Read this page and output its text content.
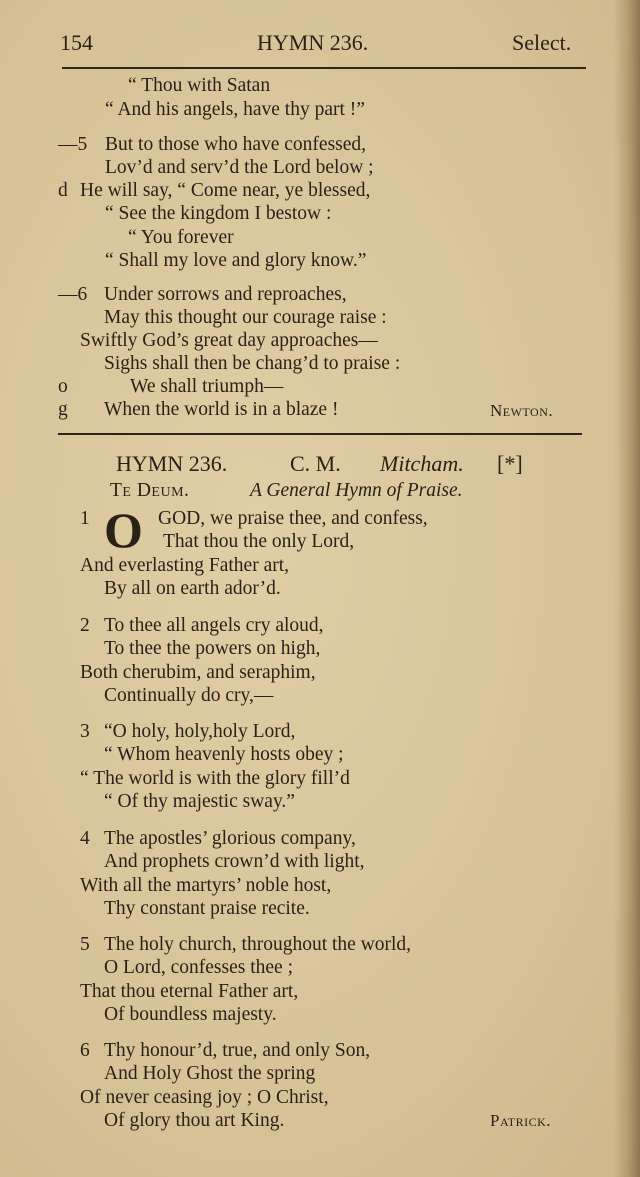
154	HYMN 236.	Select.
“ Thou with Satan
“ And his angels, have thy part !”
—5 But to those who have confessed,
Lov’d and serv’d the Lord below ;
d He will say, “ Come near, ye blessed,
“ See the kingdom I bestow :
“ You forever
“ Shall my love and glory know.”
—6 Under sorrows and reproaches,
May this thought our courage raise :
Swiftly God’s great day approaches—
Sighs shall then be chang’d to praise :
o	We shall triumph—
g When the world is in a blaze !	Newton.
HYMN 236.	C. M. Mitcham. [*]
Te Deum.	A General Hymn of Praise.
1 O GOD, we praise thee, and confess,
That thou the only Lord,
And everlasting Father art,
By all on earth ador’d.
2 To thee all angels cry aloud,
To thee the powers on high,
Both cherubim, and seraphim,
Continually do cry,—
3 “O holy, holy,holy Lord,
“ Whom heavenly hosts obey ;
“ The world is with the glory fill’d
“ Of thy majestic sway.”
4 The apostles’ glorious company,
And prophets crown’d with light,
With all the martyrs’ noble host,
Thy constant praise recite.
5 The holy church, throughout the world,
O Lord, confesses thee ;
That thou eternal Father art,
Of boundless majesty.
6 Thy honour’d, true, and only Son,
And Holy Ghost the spring
Of never ceasing joy ; O Christ,
Of glory thou art King.	Patrick.
